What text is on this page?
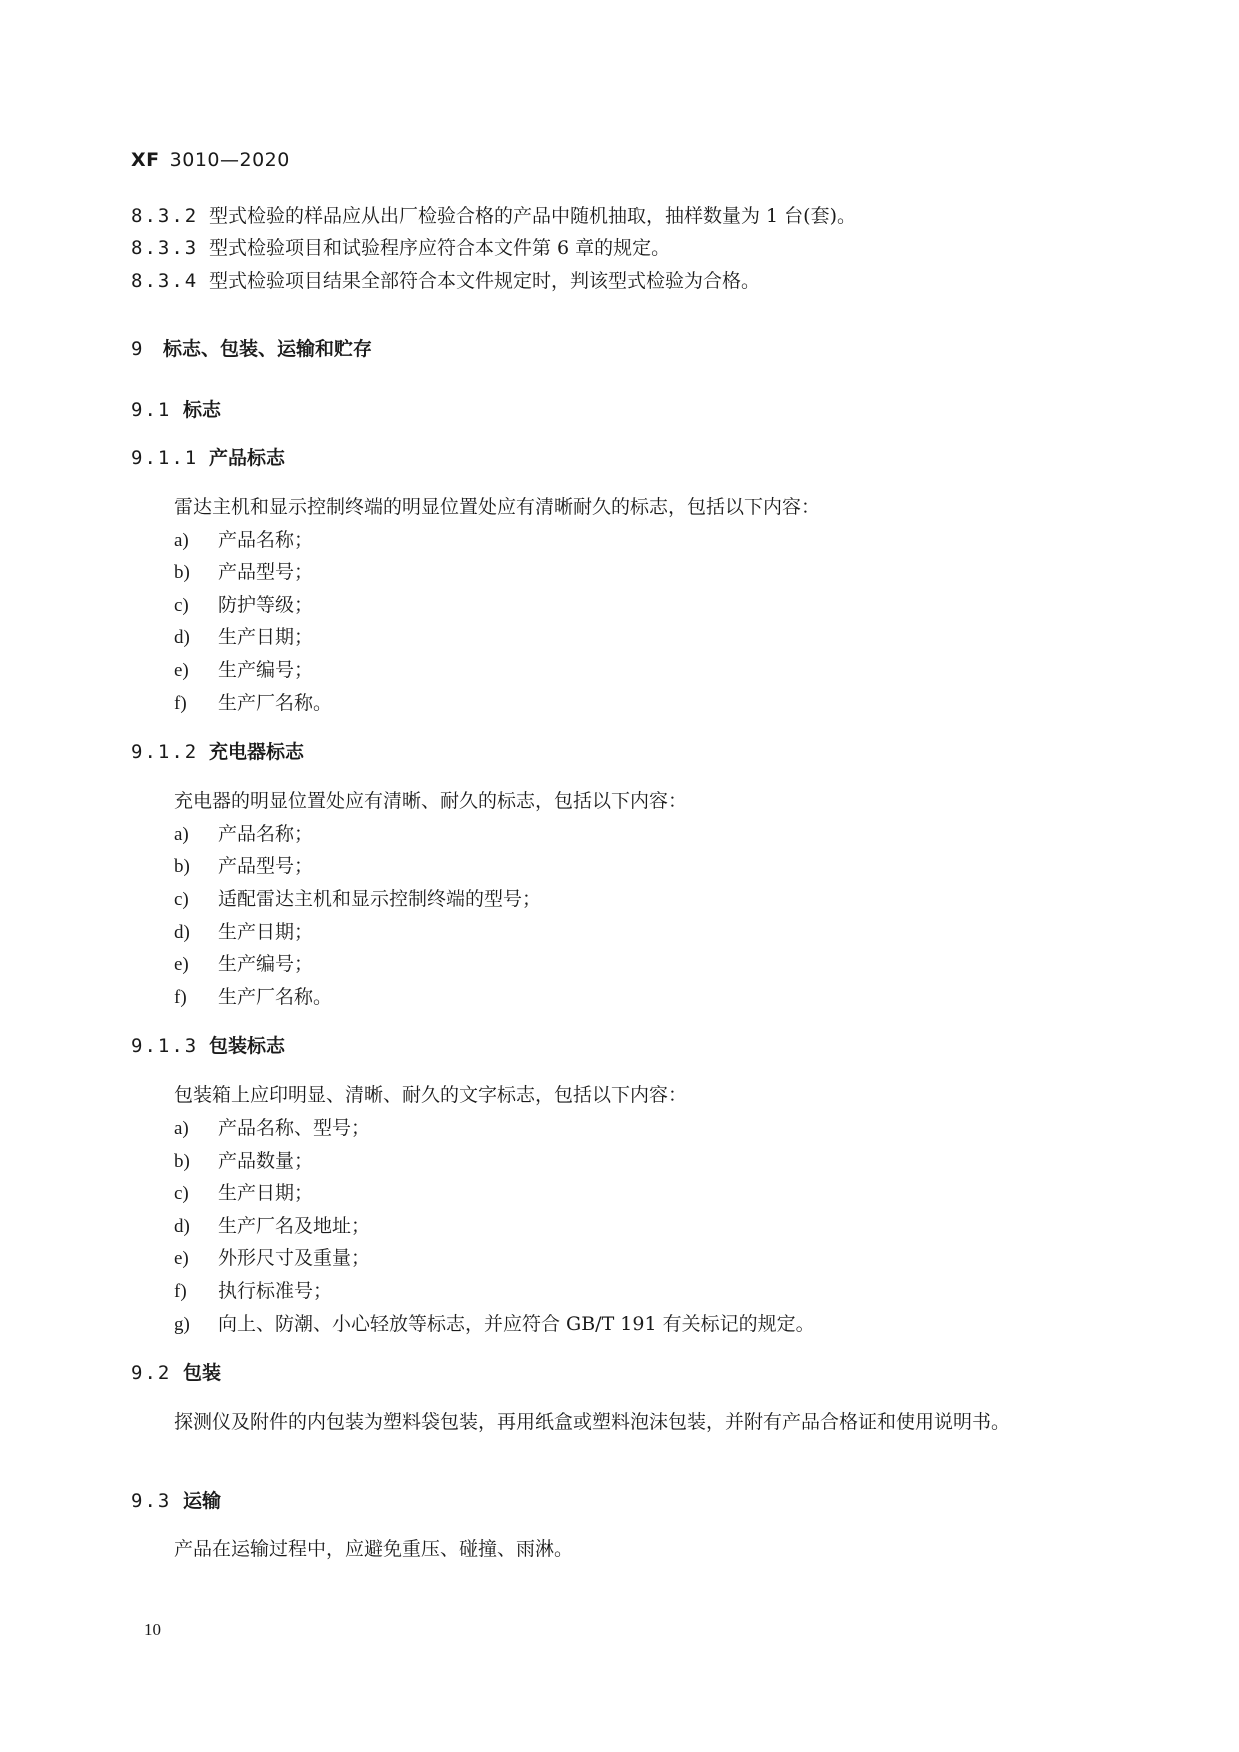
XF 3010—2020
8.3.2 型式检验的样品应从出厂检验合格的产品中随机抽取，抽样数量为 1 台(套)。
8.3.3 型式检验项目和试验程序应符合本文件第 6 章的规定。
8.3.4 型式检验项目结果全部符合本文件规定时，判该型式检验为合格。
9 标志、包装、运输和贮存
9.1 标志
9.1.1 产品标志
雷达主机和显示控制终端的明显位置处应有清晰耐久的标志，包括以下内容：
a) 产品名称；
b) 产品型号；
c) 防护等级；
d) 生产日期；
e) 生产编号；
f) 生产厂名称。
9.1.2 充电器标志
充电器的明显位置处应有清晰、耐久的标志，包括以下内容：
a) 产品名称；
b) 产品型号；
c) 适配雷达主机和显示控制终端的型号；
d) 生产日期；
e) 生产编号；
f) 生产厂名称。
9.1.3 包装标志
包装箱上应印明显、清晰、耐久的文字标志，包括以下内容：
a) 产品名称、型号；
b) 产品数量；
c) 生产日期；
d) 生产厂名及地址；
e) 外形尺寸及重量；
f) 执行标准号；
g) 向上、防潮、小心轻放等标志，并应符合 GB/T 191 有关标记的规定。
9.2 包装
探测仪及附件的内包装为塑料袋包装，再用纸盒或塑料泡沫包装，并附有产品合格证和使用说明书。
9.3 运输
产品在运输过程中，应避免重压、碰撞、雨淋。
10
